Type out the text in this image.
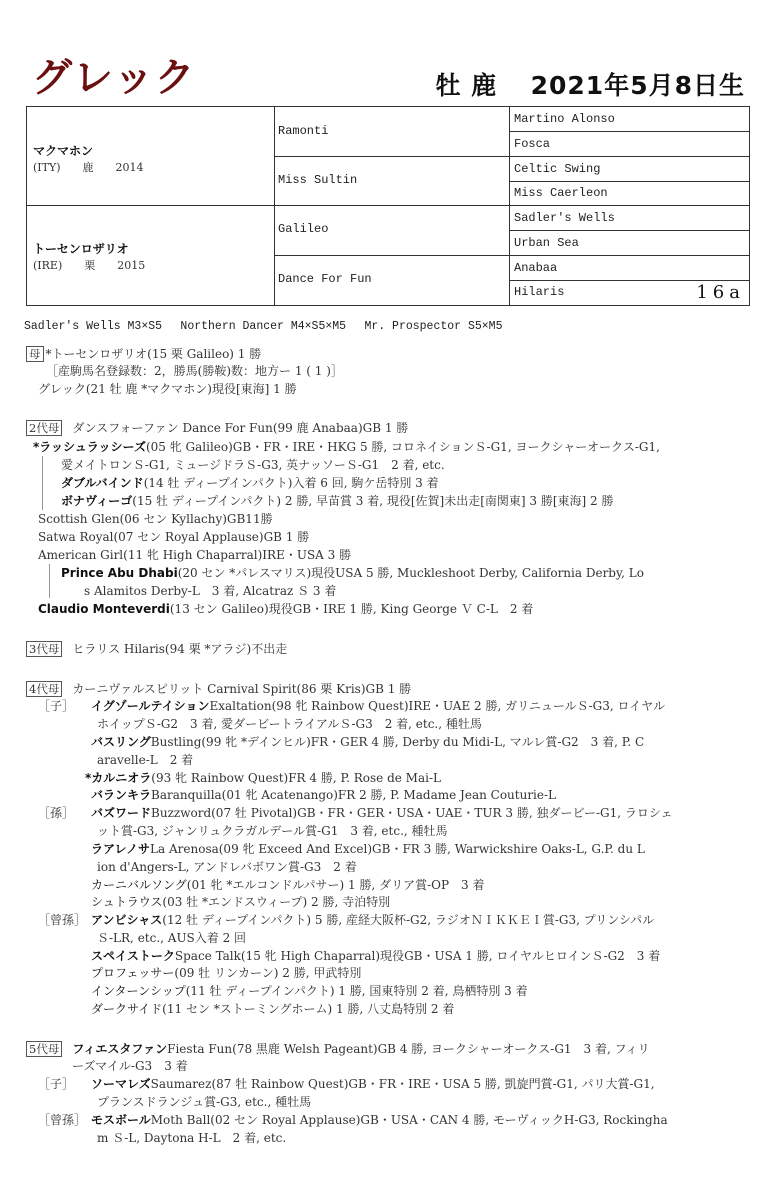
グレック	牡 鹿 2021年5月8日生
マクマホン
(ITY)　　鹿　　2014
トーセンロザリオ
(IRE)　　栗　　2015
Ramonti
Miss Sultin
Galileo
Dance For Fun
Martino Alonso
Fosca
Celtic Swing
Miss Caerleon
Sadler's Wells
Urban Sea
Anabaa
Hilaris	16a
Sadler's Wells M3×S5　 Northern Dancer M4×S5×M5　 Mr. Prospector S5×M5
母 *トーセンロザリオ(15 栗 Galileo) 1 勝
［産駒馬名登録数：2，勝馬(勝鞍)数：地方ー 1 ( 1 )］
グレック(21 牡 鹿 *マクマホン)現役[東海] 1 勝
2代母 ダンスフォーファン Dance For Fun(99 鹿 Anabaa)GB 1 勝
*ラッシュラッシーズ(05 牝 Galileo)GB・FR・IRE・HKG 5 勝, コロネイションＳ-G1, ヨークシャーオークス-G1,
愛メイトロンＳ-G1, ミュージドラＳ-G3, 英ナッソーＳ-G1　2 着, etc.
ダブルバインド(14 牡 ディープインパクト)入着 6 回, 駒ケ岳特別 3 着
ボナヴィーゴ(15 牡 ディープインパクト) 2 勝, 早苗賞 3 着, 現役[佐賀]未出走[南関東] 3 勝[東海] 2 勝
Scottish Glen(06 セン Kyllachy)GB11勝
Satwa Royal(07 セン Royal Applause)GB 1 勝
American Girl(11 牝 High Chaparral)IRE・USA 3 勝
Prince Abu Dhabi(20 セン *パレスマリス)現役USA 5 勝, Muckleshoot Derby, California Derby, Lo
s Alamitos Derby-L　3 着, Alcatraz Ｓ 3 着
Claudio Monteverdi(13 セン Galileo)現役GB・IRE 1 勝, King George Ｖ C-L　2 着
3代母 ヒラリス Hilaris(94 栗 *アラジ)不出走
4代母 カーニヴァルスピリット Carnival Spirit(86 栗 Kris)GB 1 勝
［子］ イグゾールテイションExaltation(98 牝 Rainbow Quest)IRE・UAE 2 勝, ガリニュールＳ-G3, ロイヤル
ホイップＳ-G2　3 着, 愛ダービートライアルＳ-G3　2 着, etc., 種牡馬
バスリングBustling(99 牝 *デインヒル)FR・GER 4 勝, Derby du Midi-L, マルレ賞-G2　3 着, P. C
aravelle-L　2 着
*カルニオラ(93 牝 Rainbow Quest)FR 4 勝, P. Rose de Mai-L
バランキラBaranquilla(01 牝 Acatenango)FR 2 勝, P. Madame Jean Couturie-L
［孫］ バズワードBuzzword(07 牡 Pivotal)GB・FR・GER・USA・UAE・TUR 3 勝, 独ダービー-G1, ラロシェ
ット賞-G3, ジャンリュクラガルデール賞-G1　3 着, etc., 種牡馬
ラアレノサLa Arenosa(09 牝 Exceed And Excel)GB・FR 3 勝, Warwickshire Oaks-L, G.P. du L
ion d'Angers-L, アンドレバボワン賞-G3　2 着
カーニバルソング(01 牝 *エルコンドルパサー) 1 勝, ダリア賞-OP　3 着
シュトラウス(03 牡 *エンドスウィープ) 2 勝, 寺泊特別
［曾孫］ アンビシャス(12 牡 ディープインパクト) 5 勝, 産経大阪杯-G2, ラジオＮＩＫＫＥＩ賞-G3, プリンシパル
Ｓ-LR, etc., AUS入着 2 回
スペイストークSpace Talk(15 牝 High Chaparral)現役GB・USA 1 勝, ロイヤルヒロインＳ-G2　3 着
プロフェッサー(09 牡 リンカーン) 2 勝, 甲武特別
インターンシップ(11 牡 ディープインパクト) 1 勝, 国東特別 2 着, 鳥栖特別 3 着
ダークサイド(11 セン *ストーミングホーム) 1 勝, 八丈島特別 2 着
5代母 フィエスタファンFiesta Fun(78 黒鹿 Welsh Pageant)GB 4 勝, ヨークシャーオークス-G1　3 着, フィリ
ーズマイル-G3　3 着
［子］ ソーマレズSaumarez(87 牡 Rainbow Quest)GB・FR・IRE・USA 5 勝, 凱旋門賞-G1, パリ大賞-G1,
プランスドランジュ賞-G3, etc., 種牡馬
［曾孫］ モスボールMoth Ball(02 セン Royal Applause)GB・USA・CAN 4 勝, モーヴィックH-G3, Rockingha
m Ｓ-L, Daytona H-L　2 着, etc.
